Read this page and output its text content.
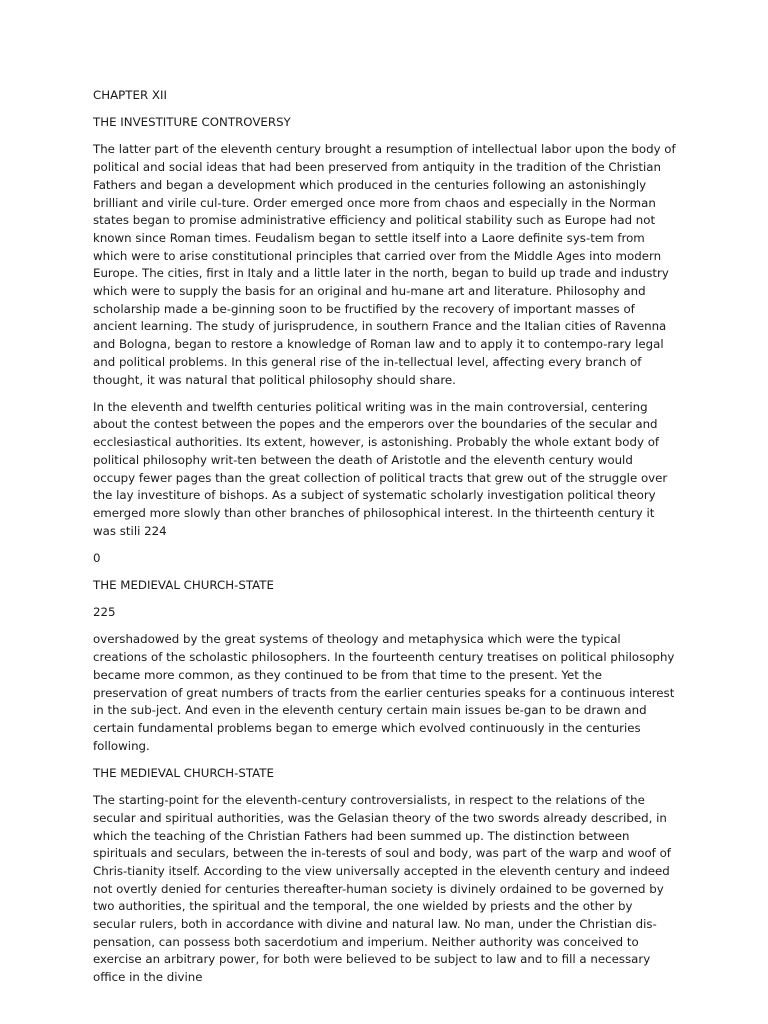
CHAPTER XII

THE INVESTITURE CONTROVERSY

The latter part of the eleventh century brought a resumption of intellectual labor upon the body of political and social ideas that had been preserved from antiquity in the tradition of the Christian Fathers and began a development which produced in the centuries following an astonishingly brilliant and virile cul-ture. Order emerged once more from chaos and especially in the Norman states began to promise administrative efficiency and political stability such as Europe had not known since Roman times. Feudalism began to settle itself into a Laore definite sys-tem from which were to arise constitutional principles that carried over from the Middle Ages into modern Europe. The cities, first in Italy and a little later in the north, began to build up trade and industry which were to supply the basis for an original and hu-mane art and literature. Philosophy and scholarship made a be-ginning soon to be fructified by the recovery of important masses of ancient learning. The study of jurisprudence, in southern France and the Italian cities of Ravenna and Bologna, began to restore a knowledge of Roman law and to apply it to contempo-rary legal and political problems. In this general rise of the in-tellectual level, affecting every branch of thought, it was natural that political philosophy should share.

In the eleventh and twelfth centuries political writing was in the main controversial, centering about the contest between the popes and the emperors over the boundaries of the secular and ecclesiastical authorities. Its extent, however, is astonishing. Probably the whole extant body of political philosophy writ-ten between the death of Aristotle and the eleventh century would occupy fewer pages than the great collection of political tracts that grew out of the struggle over the lay investiture of bishops. As a subject of systematic scholarly investigation political theory emerged more slowly than other branches of philosophical interest. In the thirteenth century it was stili 224

0

THE MEDIEVAL CHURCH-STATE

225

overshadowed by the great systems of theology and metaphysica which were the typical creations of the scholastic philosophers. In the fourteenth century treatises on political philosophy became more common, as they continued to be from that time to the present. Yet the preservation of great numbers of tracts from the earlier centuries speaks for a continuous interest in the sub-ject. And even in the eleventh century certain main issues be-gan to be drawn and certain fundamental problems began to emerge which evolved continuously in the centuries following.

THE MEDIEVAL CHURCH-STATE

The starting-point for the eleventh-century controversialists, in respect to the relations of the secular and spiritual authorities, was the Gelasian theory of the two swords already described, in which the teaching of the Christian Fathers had been summed up. The distinction between spirituals and seculars, between the in-terests of soul and body, was part of the warp and woof of Chris-tianity itself. According to the view universally accepted in the eleventh century and indeed not overtly denied for centuries thereafter-human society is divinely ordained to be governed by two authorities, the spiritual and the temporal, the one wielded by priests and the other by secular rulers, both in accordance with divine and natural law. No man, under the Christian dis-pensation, can possess both sacerdotium and imperium. Neither authority was conceived to exercise an arbitrary power, for both were believed to be subject to law and to fill a necessary office in the divine
